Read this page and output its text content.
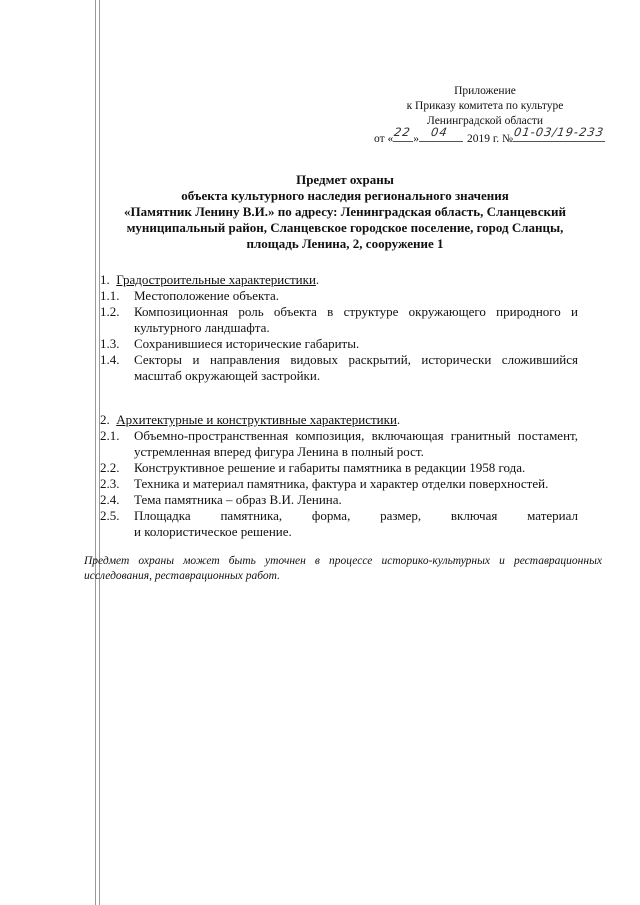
Приложение
к Приказу комитета по культуре
Ленинградской области
от « 22 » 04 2019 г. № 01-03/19-233
Предмет охраны
объекта культурного наследия регионального значения
«Памятник Ленину В.И.» по адресу: Ленинградская область, Сланцевский
муниципальный район, Сланцевское городское поселение, город Сланцы,
площадь Ленина, 2, сооружение 1
1. Градостроительные характеристики.
1.1.	Местоположение объекта.
1.2.	Композиционная роль объекта в структуре окружающего природного и культурного ландшафта.
1.3.	Сохранившиеся исторические габариты.
1.4.	Секторы и направления видовых раскрытий, исторически сложившийся масштаб окружающей застройки.
2. Архитектурные и конструктивные характеристики.
2.1.	Объемно-пространственная композиция, включающая гранитный постамент, устремленная вперед фигура Ленина в полный рост.
2.2.	Конструктивное решение и габариты памятника в редакции 1958 года.
2.3.	Техника и материал памятника, фактура и характер отделки поверхностей.
2.4.	Тема памятника – образ В.И. Ленина.
2.5.	Площадка памятника, форма, размер, включая материал
и колористическое решение.
Предмет охраны может быть уточнен в процессе историко-культурных и реставрационных исследования, реставрационных работ.
